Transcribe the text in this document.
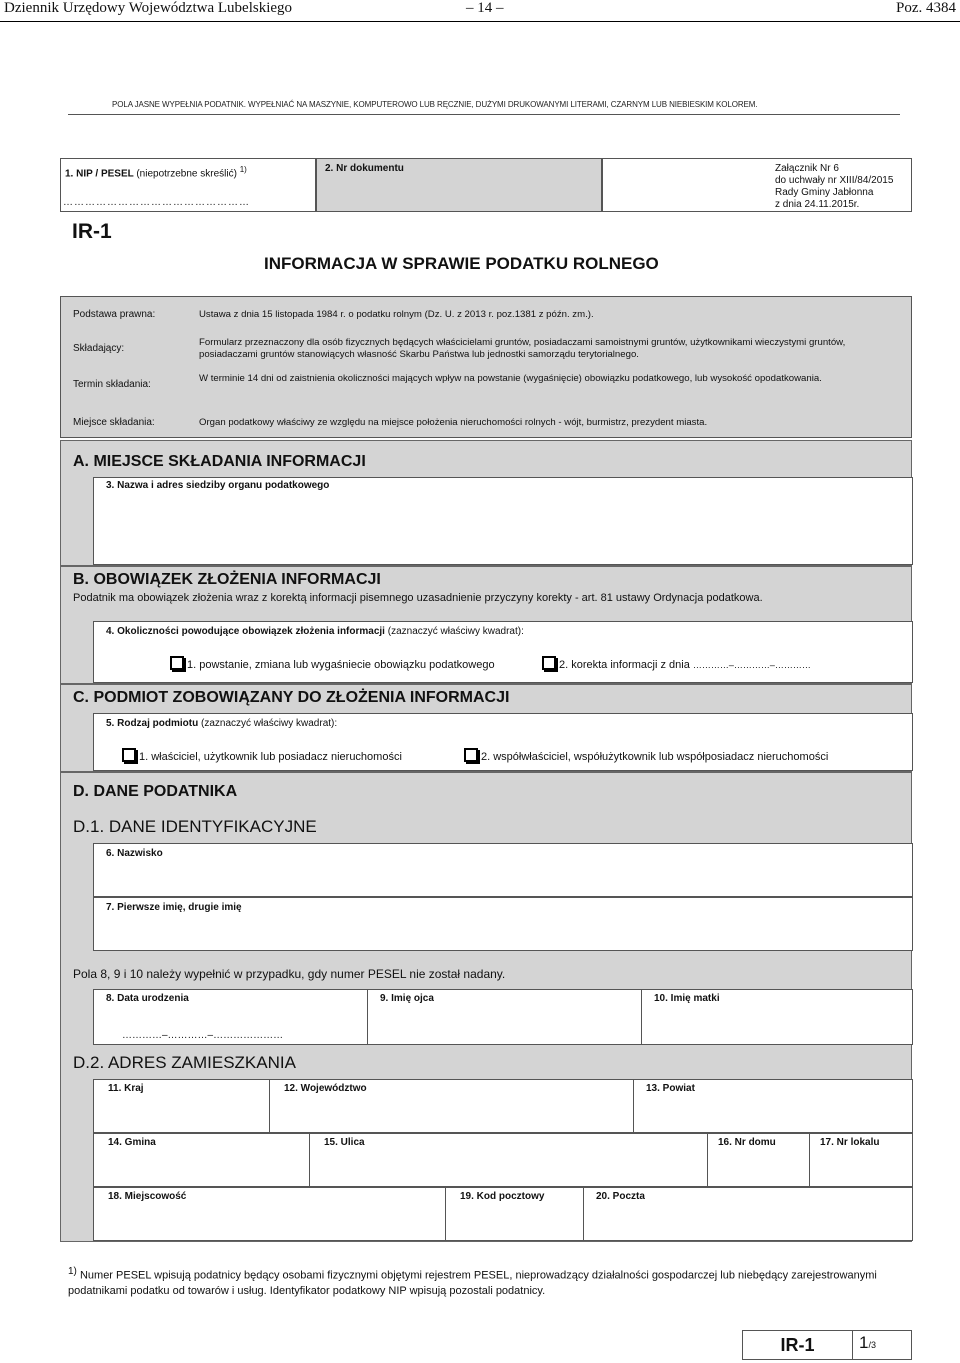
Dziennik Urzędowy Województwa Lubelskiego	– 14 –	Poz. 4384
POLA JASNE WYPEŁNIA PODATNIK. WYPEŁNIAĆ NA MASZYNIE, KOMPUTEROWO LUB RĘCZNIE, DUŻYMI DRUKOWANYMI LITERAMI, CZARNYM LUB NIEBIESKIM KOLOREM.
1. NIP / PESEL (niepotrzebne skreślić) $^{1)}$
……………………………………………
2. Nr dokumentu	Załącznik Nr 6
do uchwały nr XIII/84/2015
Rady Gminy Jabłonna
z dnia 24.11.2015r.
IR-1
INFORMACJA W SPRAWIE PODATKU ROLNEGO
Podstawa prawna:	Ustawa z dnia 15 listopada 1984 r. o podatku rolnym (Dz. U. z 2013 r. poz.1381 z późn. zm.).
Składający:
Formularz przeznaczony dla osób fizycznych będących właścicielami gruntów, posiadaczami samoistnymi gruntów, użytkownikami wieczystymi gruntów, posiadaczami gruntów stanowiących własność Skarbu Państwa lub jednostki samorządu terytorialnego.
Termin składania:
W terminie 14 dni od zaistnienia okoliczności mających wpływ na powstanie (wygaśnięcie) obowiązku podatkowego, lub wysokość opodatkowania.
Miejsce składania:	Organ podatkowy właściwy ze względu na miejsce położenia nieruchomości rolnych - wójt, burmistrz, prezydent miasta.
A. MIEJSCE SKŁADANIA INFORMACJI
3. Nazwa i adres siedziby organu podatkowego
B. OBOWIĄZEK ZŁOŻENIA INFORMACJI
Podatnik ma obowiązek złożenia wraz z korektą informacji pisemnego uzasadnienie przyczyny korekty - art. 81 ustawy Ordynacja podatkowa.
4. Okoliczności powodujące obowiązek złożenia informacji (zaznaczyć właściwy kwadrat):
1. powstanie, zmiana lub wygaśniecie obowiązku podatkowego	2. korekta informacji z dnia …………–…………–…………
C. PODMIOT ZOBOWIĄZANY DO ZŁOŻENIA INFORMACJI
5. Rodzaj podmiotu (zaznaczyć właściwy kwadrat):
1. właściciel, użytkownik lub posiadacz nieruchomości	2. współwłaściciel, współużytkownik lub współposiadacz nieruchomości
D. DANE PODATNIKA
D.1. DANE IDENTYFIKACYJNE
6. Nazwisko
7. Pierwsze imię, drugie imię
Pola 8, 9 i 10 należy wypełnić w przypadku, gdy numer PESEL nie został nadany.
8. Data urodzenia
…………–…………–…………………
9. Imię ojca	10. Imię matki
D.2. ADRES ZAMIESZKANIA
11. Kraj	12. Województwo	13. Powiat
14. Gmina	15. Ulica	16. Nr domu	17. Nr lokalu
18. Miejscowość	19. Kod pocztowy	20. Poczta
$^{1)}$ Numer PESEL wpisują podatnicy będący osobami fizycznymi objętymi rejestrem PESEL, nieprowadzący działalności gospodarczej lub niebędący zarejestrowanymi podatnikami podatku od towarów i usług. Identyfikator podatkowy NIP wpisują pozostali podatnicy.
IR-1	1/3
